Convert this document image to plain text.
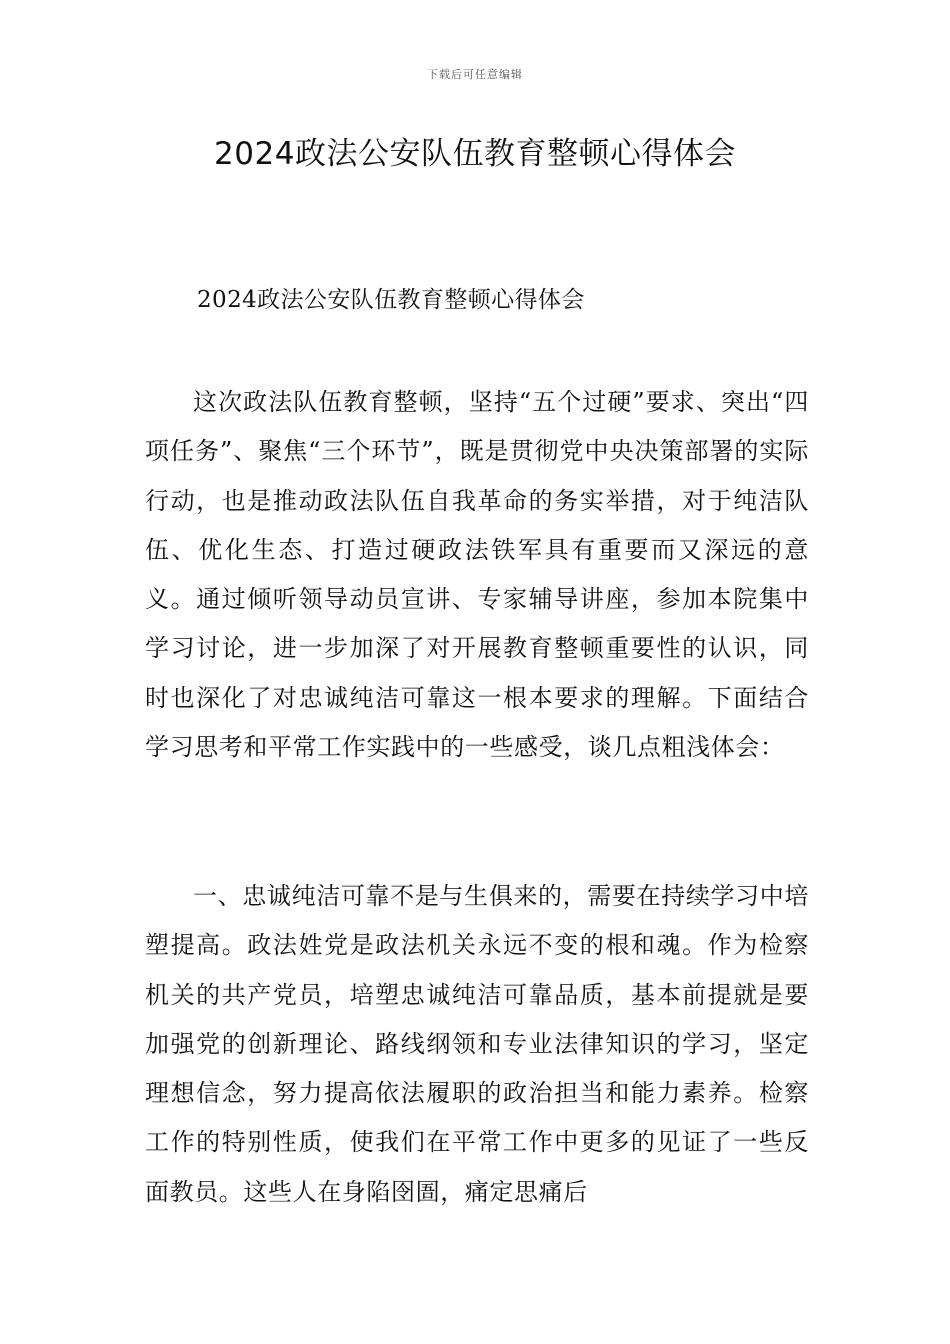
下载后可任意编辑
2024政法公安队伍教育整顿心得体会

2024政法公安队伍教育整顿心得体会

这次政法队伍教育整顿，坚持“五个过硬”要求、突出“四项任务”、聚焦“三个环节”，既是贯彻党中央决策部署的实际行动，也是推动政法队伍自我革命的务实举措，对于纯洁队伍、优化生态、打造过硬政法铁军具有重要而又深远的意义。通过倾听领导动员宣讲、专家辅导讲座，参加本院集中学习讨论，进一步加深了对开展教育整顿重要性的认识，同时也深化了对忠诚纯洁可靠这一根本要求的理解。下面结合学习思考和平常工作实践中的一些感受，谈几点粗浅体会：

一、忠诚纯洁可靠不是与生俱来的，需要在持续学习中培塑提高。政法姓党是政法机关永远不变的根和魂。作为检察机关的共产党员，培塑忠诚纯洁可靠品质，基本前提就是要加强党的创新理论、路线纲领和专业法律知识的学习，坚定理想信念，努力提高依法履职的政治担当和能力素养。检察工作的特别性质，使我们在平常工作中更多的见证了一些反面教员。这些人在身陷囹圄，痛定思痛后
